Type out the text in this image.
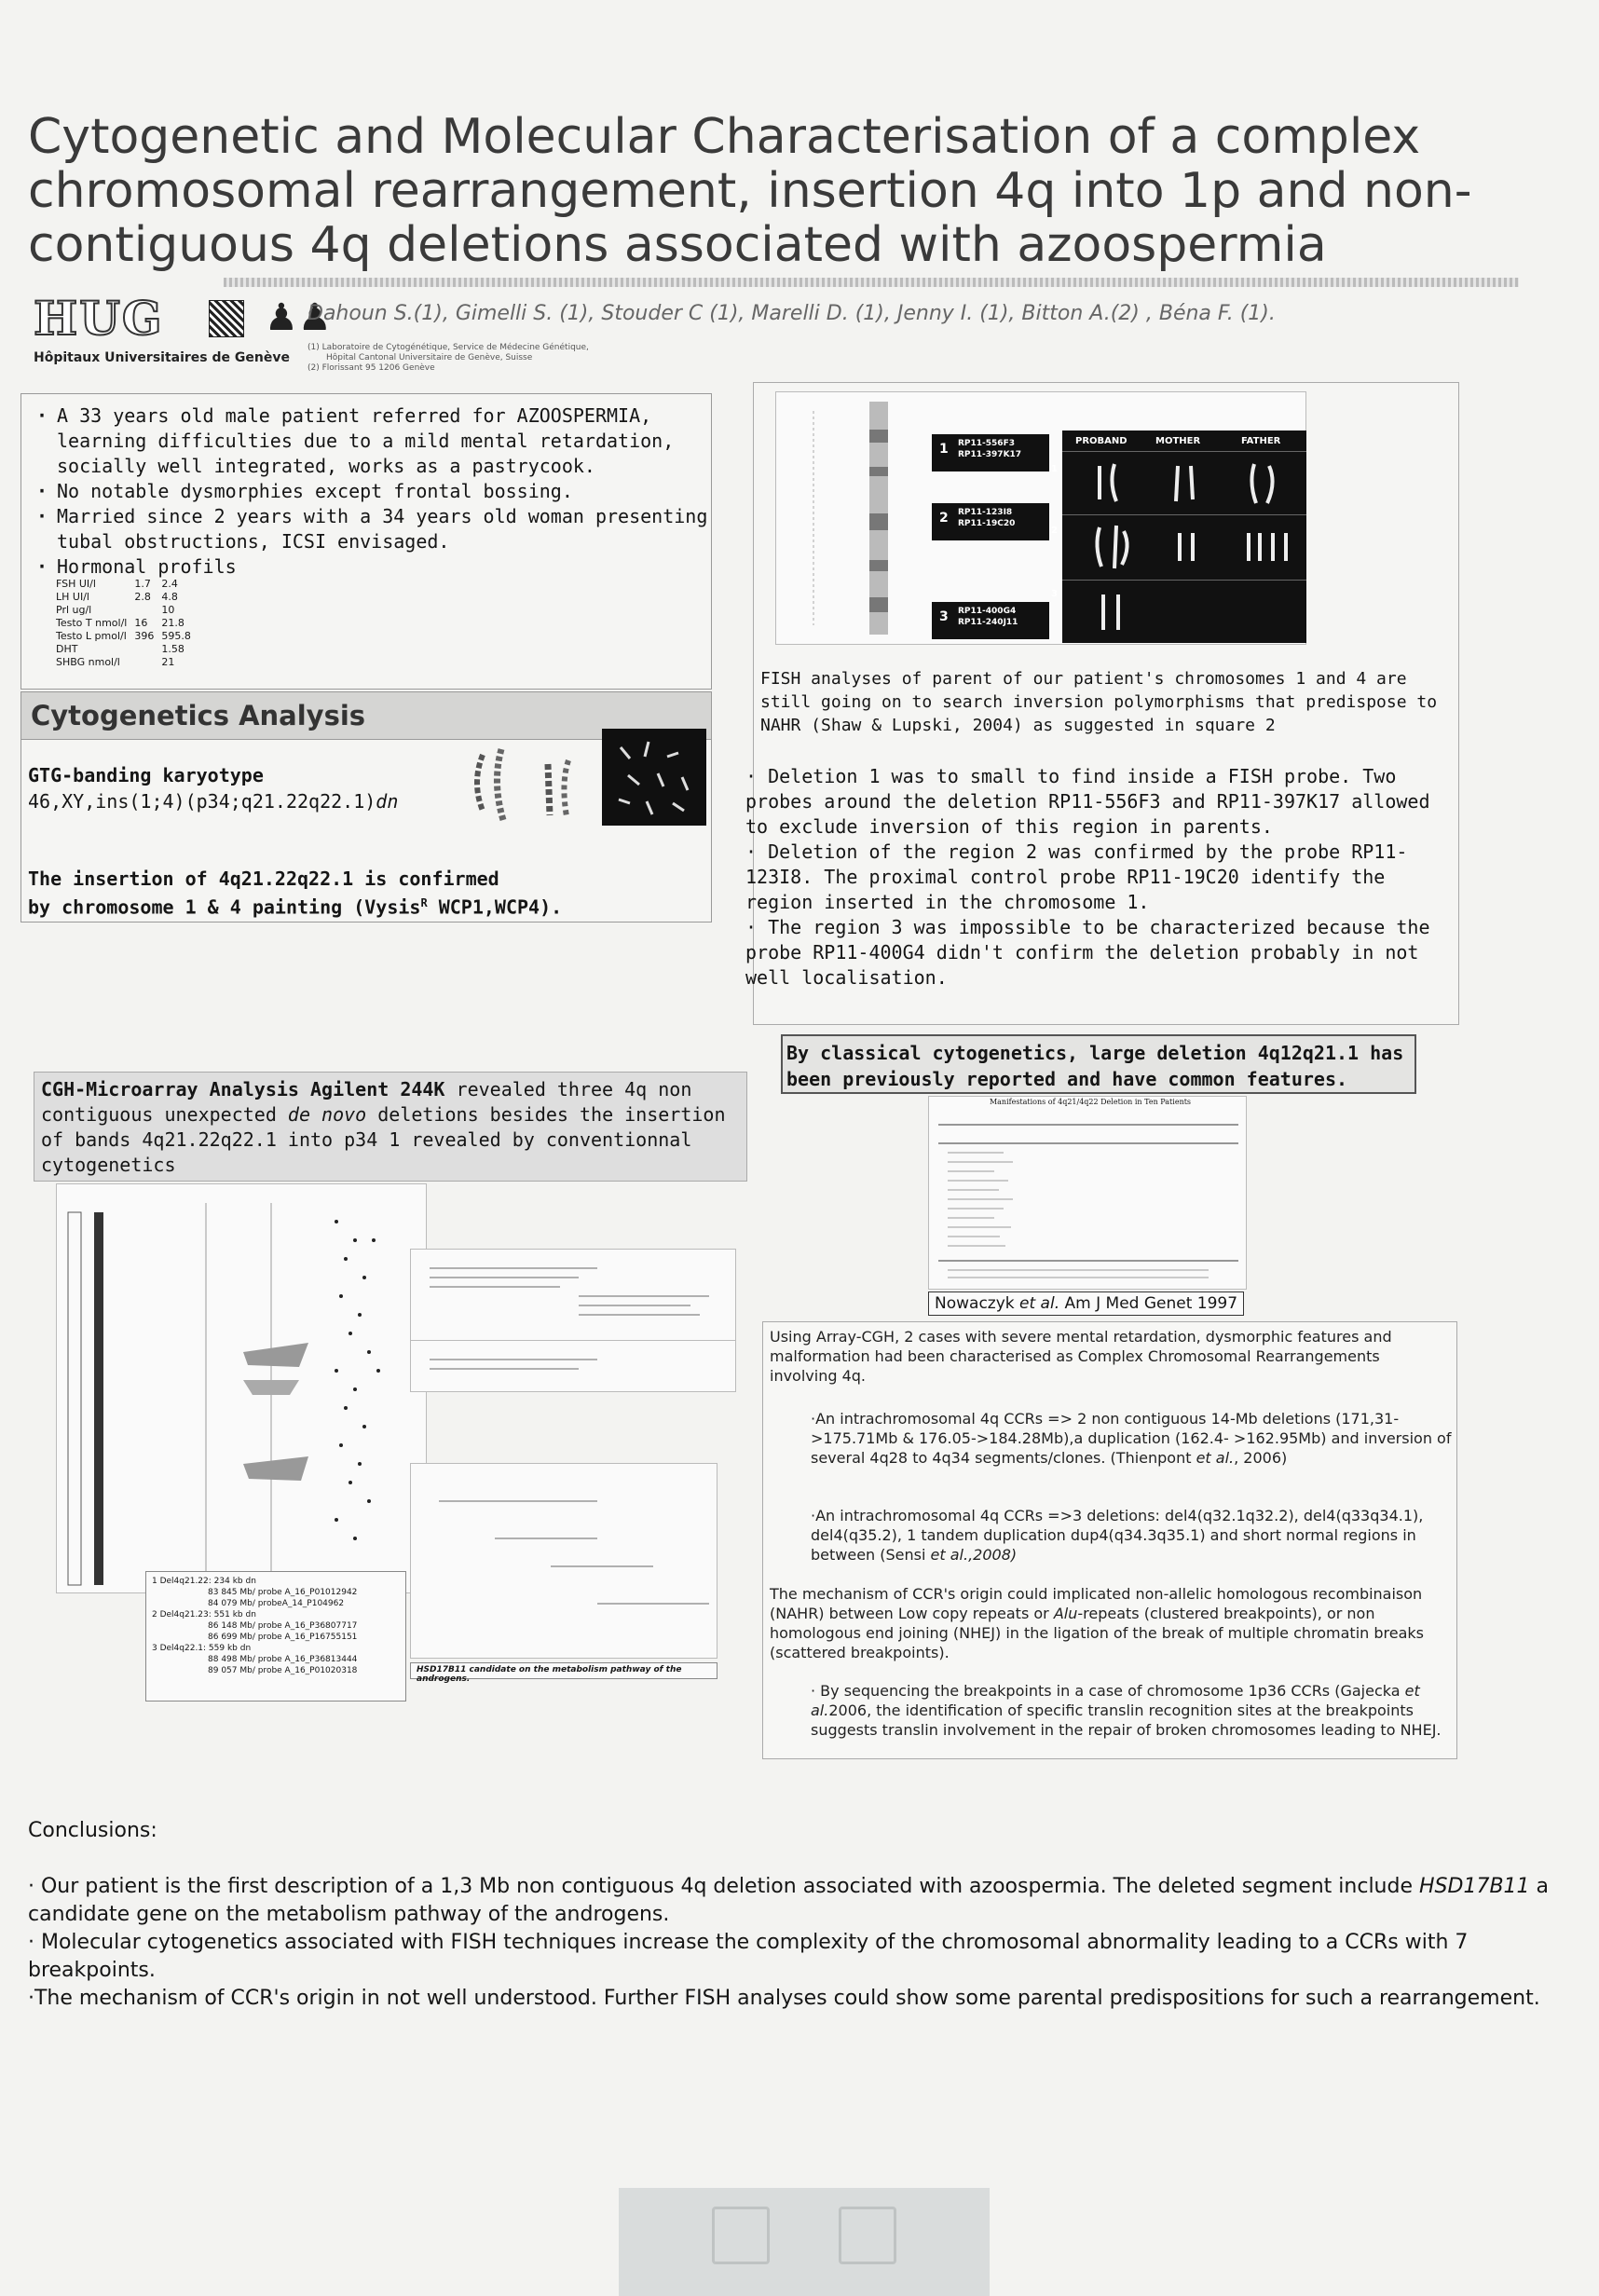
Cytogenetic and Molecular Characterisation of a complex chromosomal rearrangement, insertion 4q into 1p and non-contiguous 4q deletions associated with azoospermia
HUG	♟♟
Hôpitaux Universitaires de Genève
Dahoun S.(1), Gimelli S. (1), Stouder C (1), Marelli D. (1), Jenny I. (1), Bitton A.(2) , Béna F. (1).
(1) Laboratoire de Cytogénétique, Service de Médecine Génétique,
Hôpital Cantonal Universitaire de Genève, Suisse
(2) Florissant 95 1206 Genève
· A 33 years old male patient referred for AZOOSPERMIA, learning difficulties due to a mild mental retardation, socially well integrated, works as a pastrycook.
· No notable dysmorphies except frontal bossing.
· Married since 2 years with a 34 years old woman presenting tubal obstructions, ICSI envisaged.
· Hormonal profils
FSH UI/l	1.7	2.4
LH UI/l	2.8	4.8
Prl ug/l		10
Testo T nmol/l	16	21.8
Testo L pmol/l	396	595.8
DHT		1.58
SHBG nmol/l		21
Cytogenetics Analysis
GTG-banding karyotype
46,XY,ins(1;4)(p34;q21.22q22.1)dn
The insertion of 4q21.22q22.1 is confirmed
by chromosome 1 & 4 painting (Vysis$^R$ WCP1,WCP4).
PROBAND	MOTHER	FATHER
1 RP11-556F3
RP11-397K17
2 RP11-123I8
RP11-19C20
3 RP11-400G4
RP11-240J11
1
2
3
FISH analyses of parent of our patient's chromosomes 1 and 4 are still going on to search inversion polymorphisms that predispose to NAHR (Shaw & Lupski, 2004) as suggested in square 2

· Deletion 1 was to small to find inside a FISH probe. Two probes around the deletion RP11-556F3 and RP11-397K17 allowed to exclude inversion of this region in parents.

· Deletion of the region 2 was confirmed by the probe RP11-123I8. The proximal control probe RP11-19C20 identify the region inserted in the chromosome 1.

· The region 3 was impossible to be characterized because the probe RP11-400G4 didn't confirm the deletion probably in not well localisation.

CGH-Microarray Analysis Agilent 244K revealed three 4q non contiguous unexpected de novo deletions besides the insertion of bands 4q21.22q22.1 into p34 1 revealed by conventionnal cytogenetics
1 Del4q21.22: 234 kb dn
83 845 Mb/ probe A_16_P01012942
84 079 Mb/ probeA_14_P104962
2 Del4q21.23: 551 kb dn
86 148 Mb/ probe A_16_P36807717
86 699 Mb/ probe A_16_P16755151
3 Del4q22.1: 559 kb dn
88 498 Mb/ probe A_16_P36813444
89 057 Mb/ probe A_16_P01020318	HSD17B11 candidate on the metabolism pathway of the androgens.
By classical cytogenetics, large deletion 4q12q21.1 has been previously reported and have common features.
Manifestations of 4q21/4q22 Deletion in Ten Patients
Nowaczyk et al. Am J Med Genet 1997
Using Array-CGH, 2 cases with severe mental retardation, dysmorphic features and malformation had been characterised as Complex Chromosomal Rearrangements involving 4q.
·An intrachromosomal 4q CCRs => 2 non contiguous 14-Mb deletions (171,31->175.71Mb & 176.05->184.28Mb),a duplication (162.4- >162.95Mb) and inversion of several 4q28 to 4q34 segments/clones. (Thienpont et al., 2006)
·An intrachromosomal 4q CCRs =>3 deletions: del4(q32.1q32.2), del4(q33q34.1), del4(q35.2), 1 tandem duplication dup4(q34.3q35.1) and short normal regions in between (Sensi et al.,2008)
The mechanism of CCR's origin could implicated non-allelic homologous recombinaison (NAHR) between Low copy repeats or Alu-repeats (clustered breakpoints), or non homologous end joining (NHEJ) in the ligation of the break of multiple chromatin breaks (scattered breakpoints).
· By sequencing the breakpoints in a case of chromosome 1p36 CCRs (Gajecka et al.2006, the identification of specific translin recognition sites at the breakpoints suggests translin involvement in the repair of broken chromosomes leading to NHEJ.
Conclusions:

· Our patient is the first description of a 1,3 Mb non contiguous 4q deletion associated with azoospermia. The deleted segment include HSD17B11 a candidate gene on the metabolism pathway of the androgens.

· Molecular cytogenetics associated with FISH techniques increase the complexity of the chromosomal abnormality leading to a CCRs with 7 breakpoints.

·The mechanism of CCR's origin in not well understood. Further FISH analyses could show some parental predispositions for such a rearrangement.
